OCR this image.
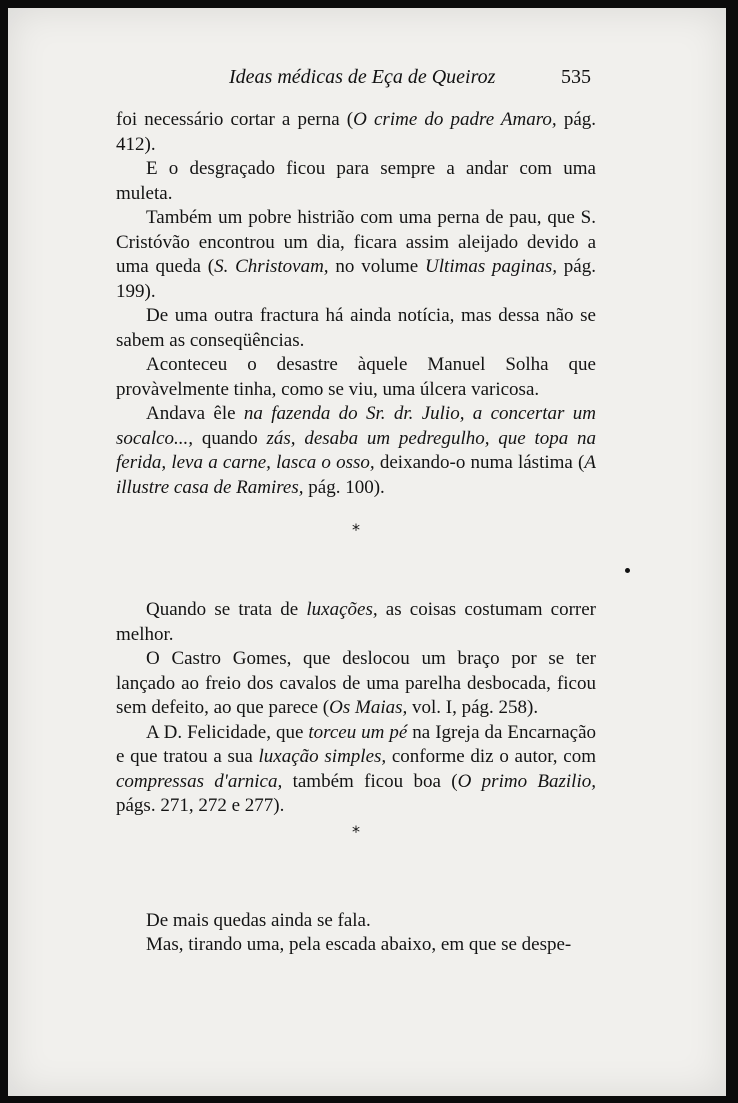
Ideas médicas de Eça de Queiroz	535

foi necessário cortar a perna (O crime do padre Amaro, pág. 412).

E o desgraçado ficou para sempre a andar com uma muleta.

Também um pobre histrião com uma perna de pau, que S. Cristóvão encontrou um dia, ficara assim aleijado devido a uma queda (S. Christovam, no volume Ultimas paginas, pág. 199).

De uma outra fractura há ainda notícia, mas dessa não se sabem as conseqüências.

Aconteceu o desastre àquele Manuel Solha que provàvelmente tinha, como se viu, uma úlcera varicosa.

Andava êle na fazenda do Sr. dr. Julio, a concertar um socalco..., quando zás, desaba um pedregulho, que topa na ferida, leva a carne, lasca o osso, deixando-o numa lástima (A illustre casa de Ramires, pág. 100).

Quando se trata de luxações, as coisas costumam correr melhor.

O Castro Gomes, que deslocou um braço por se ter lançado ao freio dos cavalos de uma parelha desbocada, ficou sem defeito, ao que parece (Os Maias, vol. I, pág. 258).

A D. Felicidade, que torceu um pé na Igreja da Encarnação e que tratou a sua luxação simples, conforme diz o autor, com compressas d'arnica, também ficou boa (O primo Bazilio, págs. 271, 272 e 277).

De mais quedas ainda se fala.

Mas, tirando uma, pela escada abaixo, em que se despe-

*
*
